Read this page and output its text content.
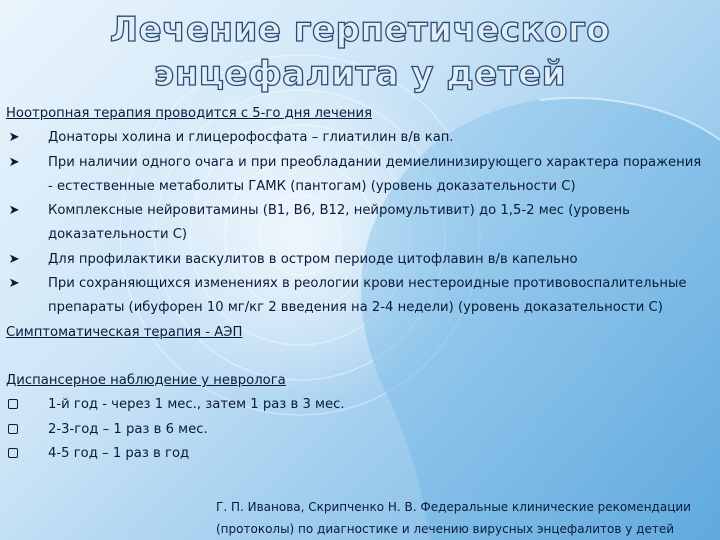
Лечение герпетического
энцефалита у детей
Ноотропная терапия проводится с 5-го дня лечения
➤ Донаторы холина и глицерофосфата – глиатилин в/в кап.
➤ При наличии одного очага и при преобладании демиелинизирующего характера поражения - естественные метаболиты ГАМК (пантогам) (уровень доказательности С)
➤ Комплексные нейровитамины (В1, В6, В12, нейромультивит) до 1,5-2 мес (уровень доказательности С)
➤ Для профилактики васкулитов в остром периоде цитофлавин в/в капельно
➤ При сохраняющихся изменениях в реологии крови нестероидные противовоспалительные препараты (ибуфорен 10 мг/кг 2 введения на 2-4 недели) (уровень доказательности С)
Симптоматическая терапия - АЭП
Диспансерное наблюдение у невролога
1-й год - через 1 мес., затем 1 раз в 3 мес.
2-3-год – 1 раз в 6 мес.
4-5 год – 1 раз в год
Г. П. Иванова, Скрипченко Н. В. Федеральные клинические рекомендации
(протоколы) по диагностике и лечению вирусных энцефалитов у детей
